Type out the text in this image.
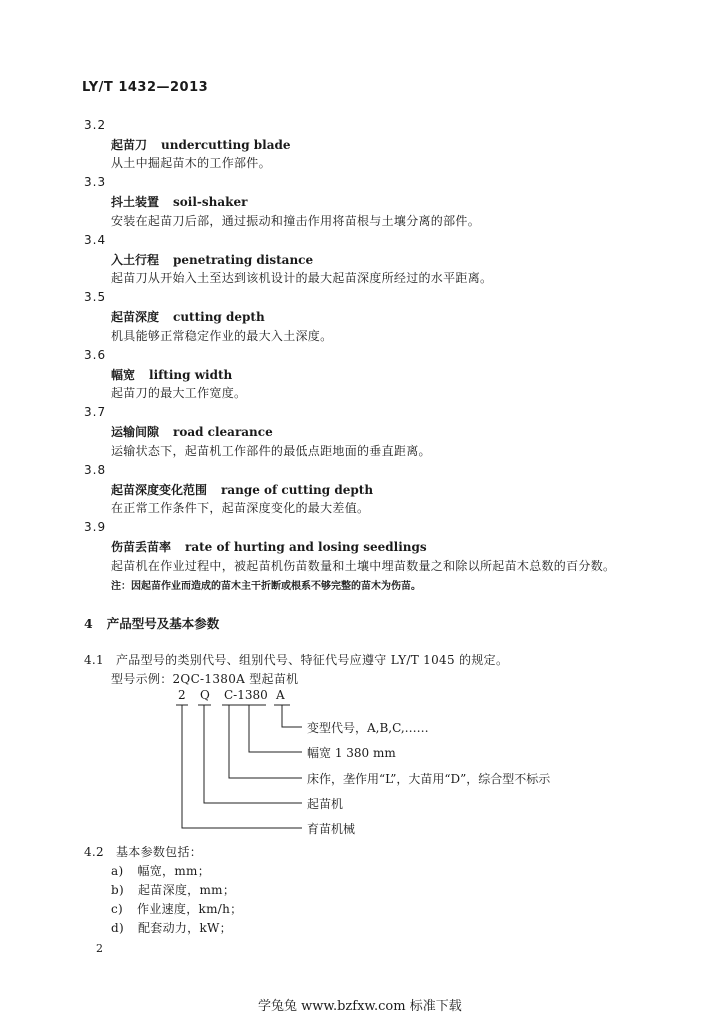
LY/T 1432—2013
3.2
起苗刀 undercutting blade
从土中掘起苗木的工作部件。
3.3
抖土装置 soil-shaker
安装在起苗刀后部，通过振动和撞击作用将苗根与土壤分离的部件。
3.4
入土行程 penetrating distance
起苗刀从开始入土至达到该机设计的最大起苗深度所经过的水平距离。
3.5
起苗深度 cutting depth
机具能够正常稳定作业的最大入土深度。
3.6
幅宽 lifting width
起苗刀的最大工作宽度。
3.7
运输间隙 road clearance
运输状态下，起苗机工作部件的最低点距地面的垂直距离。
3.8
起苗深度变化范围 range of cutting depth
在正常工作条件下，起苗深度变化的最大差值。
3.9
伤苗丢苗率 rate of hurting and losing seedlings
起苗机在作业过程中，被起苗机伤苗数量和土壤中埋苗数量之和除以所起苗木总数的百分数。
注：因起苗作业而造成的苗木主干折断或根系不够完整的苗木为伤苗。
4 产品型号及基本参数
4.1 产品型号的类别代号、组别代号、特征代号应遵守 LY/T 1045 的规定。
型号示例：2QC-1380A 型起苗机
2 Q C-1380 A
变型代号，A,B,C,……
幅宽 1 380 mm
床作，垄作用“L”，大苗用“D”，综合型不标示
起苗机
育苗机械
4.2 基本参数包括：
a) 幅宽，mm；
b) 起苗深度，mm；
c) 作业速度，km/h；
d) 配套动力，kW；
2
学兔兔 www.bzfxw.com 标准下载
